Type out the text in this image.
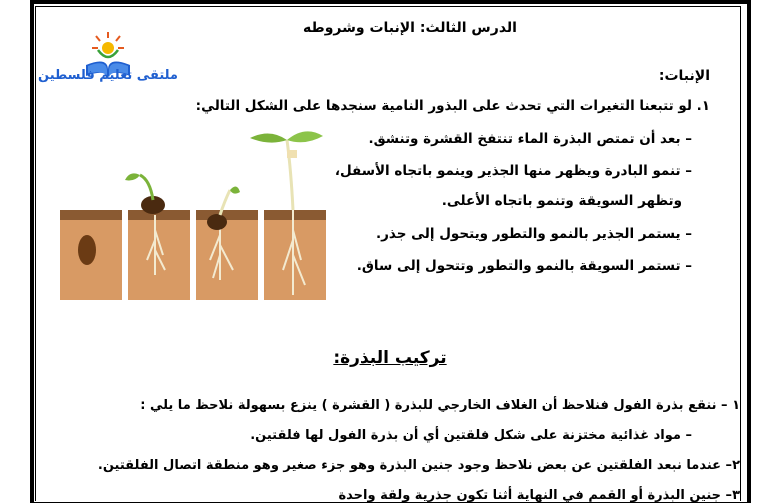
ملتقى تعليم فلسطين
الدرس الثالث: الإنبات وشروطه
الإنبات:
١. لو تتبعنا التغيرات التي تحدث على البذور النامية سنجدها على الشكل التالي:
– بعد أن تمتص البذرة الماء تنتفخ القشرة وتنشق.
– تنمو البادرة ويظهر منها الجذير وينمو باتجاه الأسفل،
وتظهر السويقة وتنمو باتجاه الأعلى.
– يستمر الجذير بالنمو والتطور ويتحول إلى جذر.
– تستمر السويقة بالنمو والتطور وتتحول إلى ساق.
تركيب البذرة:
١ – ننقع بذرة الفول فنلاحظ أن الغلاف الخارجي للبذرة ( القشرة ) ينزع بسهولة نلاحظ ما يلي :
– مواد غذائية مختزنة على شكل فلقتين أي أن بذرة الفول لها فلقتين.
٢– عندما نبعد الفلقتين عن بعض نلاحظ وجود جنين البذرة وهو جزء صغير وهو منطقة اتصال الفلقتين.
٣– جنين البذرة أو القمم في النهاية أثنا تكون جذرية ولقة واحدة
